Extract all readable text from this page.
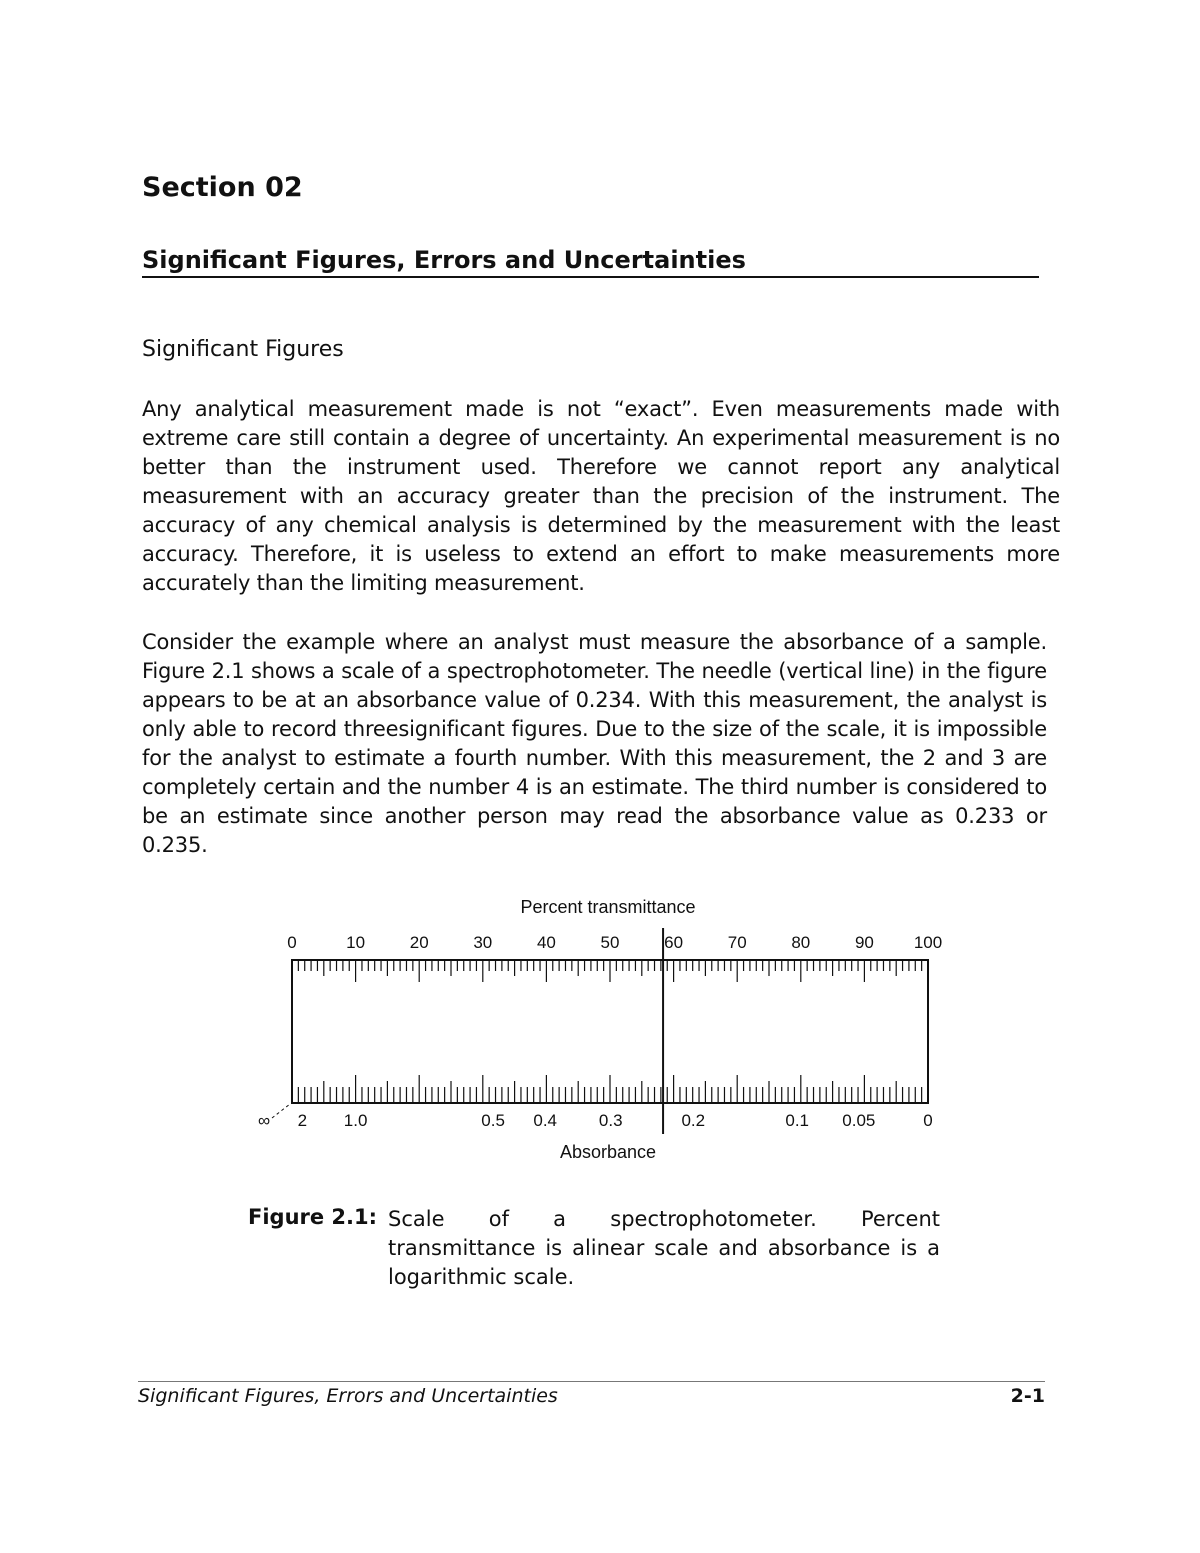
Section 02
Significant Figures, Errors and Uncertainties
Significant Figures

Any analytical measurement made is not “exact”. Even measurements made with extreme care still contain a degree of uncertainty. An experimental measurement is no better than the instrument used. Therefore we cannot report any analytical measurement with an accuracy greater than the precision of the instrument. The accuracy of any chemical analysis is determined by the measurement with the least accuracy. Therefore, it is useless to extend an effort to make measurements more accurately than the limiting measurement.

Consider the example where an analyst must measure the absorbance of a sample. Figure 2.1 shows a scale of a spectrophotometer. The needle (vertical line) in the figure appears to be at an absorbance value of 0.234. With this measurement, the analyst is only able to record threesignificant figures. Due to the size of the scale, it is impossible for the analyst to estimate a fourth number. With this measurement, the 2 and 3 are completely certain and the number 4 is an estimate. The third number is considered to be an estimate since another person may read the absorbance value as 0.233 or 0.235.

Percent transmittance
Absorbance
0	10	20	30	40	50	60	70	80	90 100
∞ 2 1.0	0.5 0.4 0.3	0.2	0.1 0.05	0

Figure 2.1: Scale of a spectrophotometer. Percent transmittance is alinear scale and absorbance is a logarithmic scale.

Significant Figures, Errors and Uncertainties	2-1
